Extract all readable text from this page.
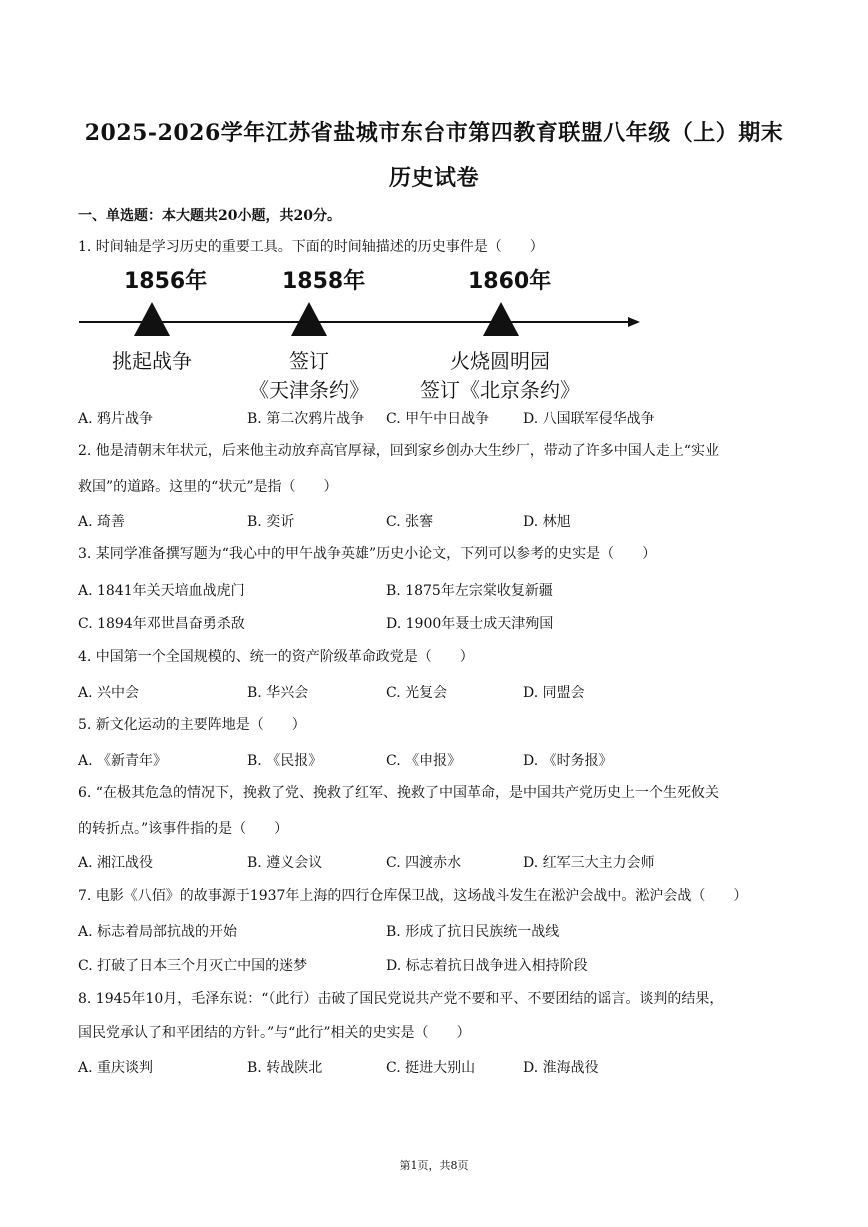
2025-2026学年江苏省盐城市东台市第四教育联盟八年级（上）期末
历史试卷
一、单选题：本大题共20小题，共20分。
1. 时间轴是学习历史的重要工具。下面的时间轴描述的历史事件是（　　）
1856年	1858年	1860年
挑起战争	签订
《天津条约》
火烧圆明园
签订《北京条约》
A. 鸦片战争	B. 第二次鸦片战争 C. 甲午中日战争 D. 八国联军侵华战争
2. 他是清朝末年状元，后来他主动放弃高官厚禄，回到家乡创办大生纱厂，带动了许多中国人走上“实业
救国”的道路。这里的“状元”是指（　　）
A. 琦善	B. 奕䜣	C. 张謇	D. 林旭
3. 某同学准备撰写题为“我心中的甲午战争英雄”历史小论文，下列可以参考的史实是（　　）
A. 1841年关天培血战虎门	B. 1875年左宗棠收复新疆
C. 1894年邓世昌奋勇杀敌	D. 1900年聂士成天津殉国
4. 中国第一个全国规模的、统一的资产阶级革命政党是（　　）
A. 兴中会	B. 华兴会	C. 光复会	D. 同盟会
5. 新文化运动的主要阵地是（　　）
A. 《新青年》	B. 《民报》	C. 《申报》	D. 《时务报》
6. “在极其危急的情况下，挽救了党、挽救了红军、挽救了中国革命，是中国共产党历史上一个生死攸关
的转折点。”该事件指的是（　　）
A. 湘江战役	B. 遵义会议	C. 四渡赤水	D. 红军三大主力会师
7. 电影《八佰》的故事源于1937年上海的四行仓库保卫战，这场战斗发生在淞沪会战中。淞沪会战（　　）
A. 标志着局部抗战的开始	B. 形成了抗日民族统一战线
C. 打破了日本三个月灭亡中国的迷梦	D. 标志着抗日战争进入相持阶段
8. 1945年10月，毛泽东说：“（此行）击破了国民党说共产党不要和平、不要团结的谣言。谈判的结果，
国民党承认了和平团结的方针。”与“此行”相关的史实是（　　）
A. 重庆谈判	B. 转战陕北	C. 挺进大别山	D. 淮海战役
第1页，共8页
